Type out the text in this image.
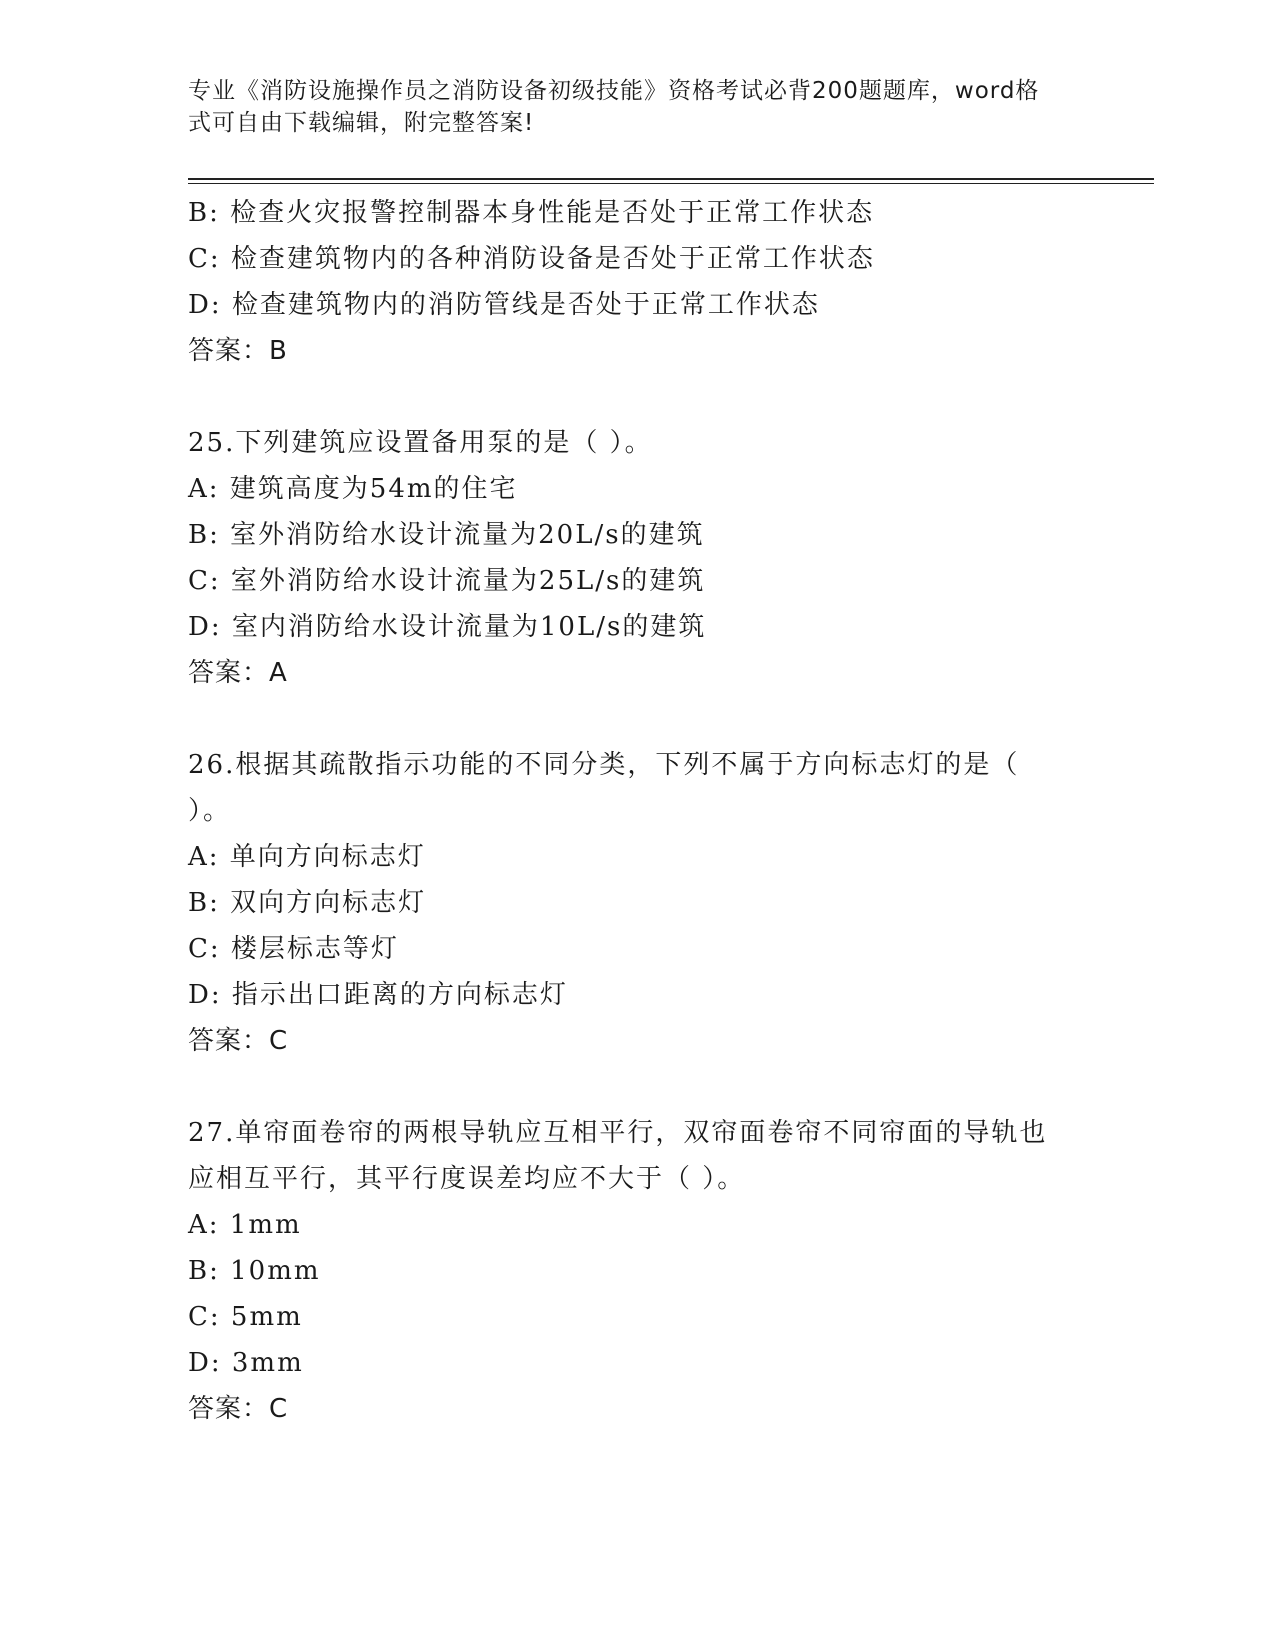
专业《消防设施操作员之消防设备初级技能》资格考试必背200题题库，word格
式可自由下载编辑，附完整答案!
B: 检查火灾报警控制器本身性能是否处于正常工作状态
C: 检查建筑物内的各种消防设备是否处于正常工作状态
D: 检查建筑物内的消防管线是否处于正常工作状态
答案：B
25.下列建筑应设置备用泵的是（ ）。
A: 建筑高度为54m的住宅
B: 室外消防给水设计流量为20L/s的建筑
C: 室外消防给水设计流量为25L/s的建筑
D: 室内消防给水设计流量为10L/s的建筑
答案：A
26.根据其疏散指示功能的不同分类，下列不属于方向标志灯的是（
）。
A: 单向方向标志灯
B: 双向方向标志灯
C: 楼层标志等灯
D: 指示出口距离的方向标志灯
答案：C
27.单帘面卷帘的两根导轨应互相平行，双帘面卷帘不同帘面的导轨也
应相互平行，其平行度误差均应不大于（ ）。
A: 1mm
B: 10mm
C: 5mm
D: 3mm
答案：C
